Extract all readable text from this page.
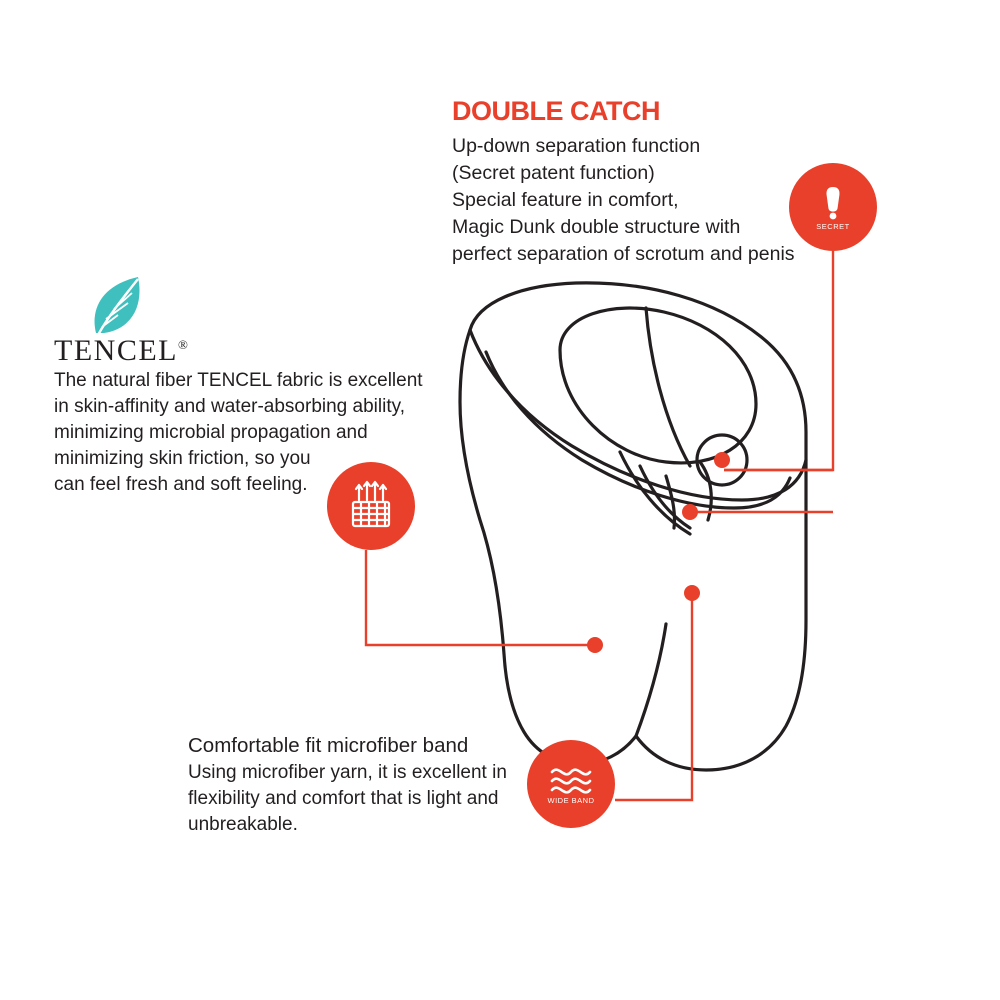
DOUBLE CATCH
Up-down separation function
(Secret patent function)
Special feature in comfort,
Magic Dunk double structure with
perfect separation of scrotum and penis
TENCEL®
The natural fiber TENCEL fabric is excellent
in skin-affinity and water-absorbing ability,
minimizing microbial propagation and
minimizing skin friction, so you
can feel fresh and soft feeling.
Comfortable fit microfiber band
Using microfiber yarn, it is excellent in
flexibility and comfort that is light and
unbreakable.
SECRET
WIDE BAND
